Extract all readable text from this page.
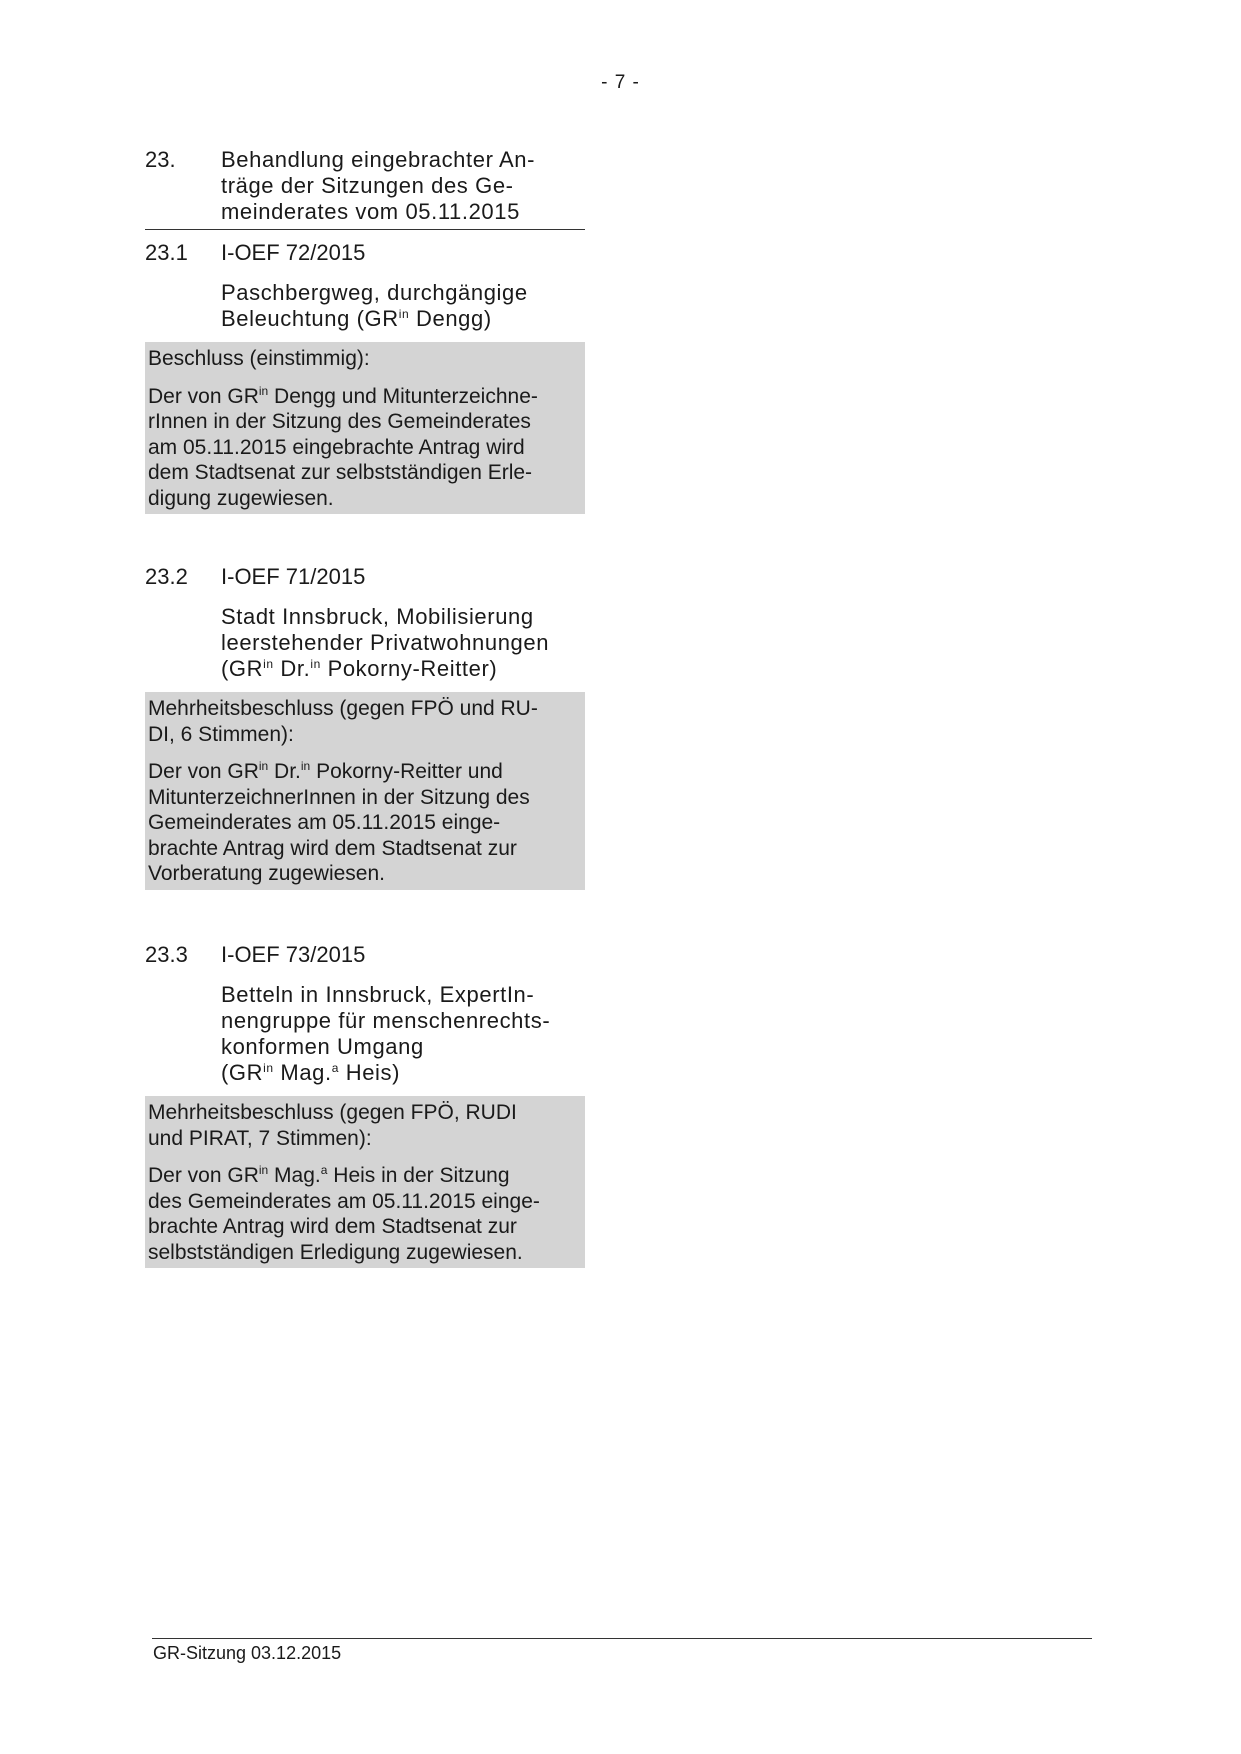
- 7 -
23.	Behandlung eingebrachter An-
träge der Sitzungen des Ge-
meinderates vom 05.11.2015
23.1	I-OEF 72/2015
Paschbergweg, durchgängige
Beleuchtung ($GR^{in}$ Dengg)
Beschluss (einstimmig):
Der von $GR^{in}$ Dengg und Mitunterzeichne-
rInnen in der Sitzung des Gemeinderates
am 05.11.2015 eingebrachte Antrag wird
dem Stadtsenat zur selbstständigen Erle-
digung zugewiesen.
23.2	I-OEF 71/2015
Stadt Innsbruck, Mobilisierung
leerstehender Privatwohnungen
($GR^{in}$ Dr.$^{in}$ Pokorny-Reitter)
Mehrheitsbeschluss (gegen FPÖ und RU-
DI, 6 Stimmen):
Der von $GR^{in}$ Dr.$^{in}$ Pokorny-Reitter und
MitunterzeichnerInnen in der Sitzung des
Gemeinderates am 05.11.2015 einge-
brachte Antrag wird dem Stadtsenat zur
Vorberatung zugewiesen.
23.3	I-OEF 73/2015
Betteln in Innsbruck, ExpertIn-
nengruppe für menschenrechts-
konformen Umgang
($GR^{in}$ Mag.$^a$ Heis)
Mehrheitsbeschluss (gegen FPÖ, RUDI
und PIRAT, 7 Stimmen):
Der von $GR^{in}$ Mag.$^a$ Heis in der Sitzung
des Gemeinderates am 05.11.2015 einge-
brachte Antrag wird dem Stadtsenat zur
selbstständigen Erledigung zugewiesen.
GR-Sitzung 03.12.2015
